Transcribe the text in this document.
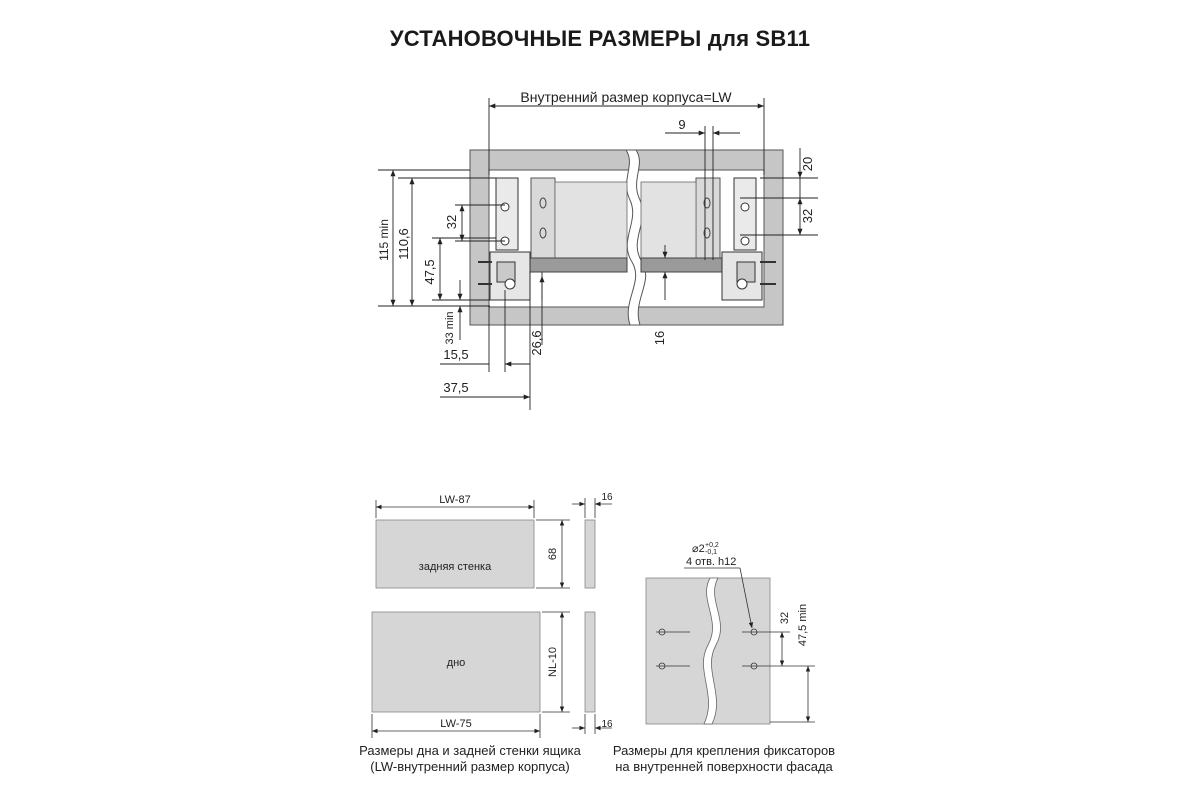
УСТАНОВОЧНЫЕ РАЗМЕРЫ для SB11
Внутренний размер корпуса=LW
9
20
32
115 min 110,6
32
47,5
33 min
15,5	26,6
37,5
16
LW-87
задняя стенка
68
16
дно	NL-10
LW-75	16
⌀2 +0,2
-0,1
4 отв. h12
32 47,5 min
Размеры дна и задней стенки ящика
(LW-внутренний размер корпуса)
Размеры для крепления фиксаторов
на внутренней поверхности фасада
